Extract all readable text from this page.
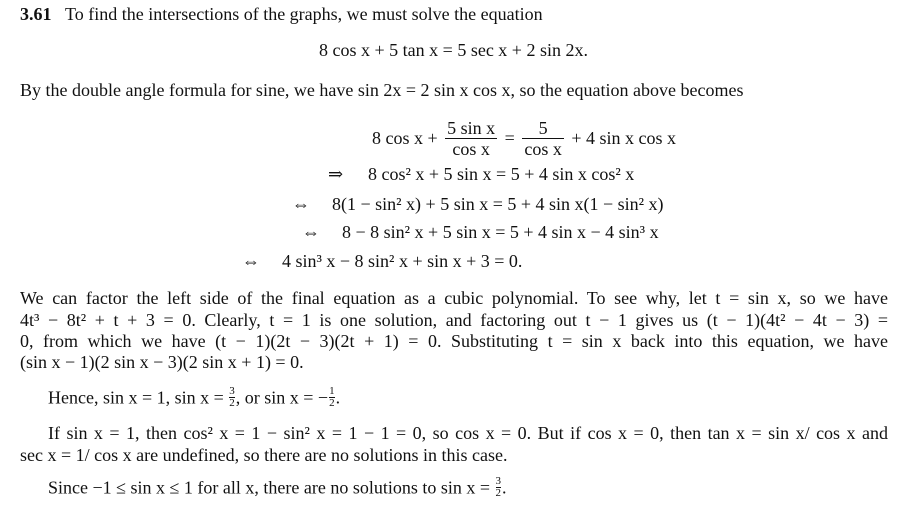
3.61 To find the intersections of the graphs, we must solve the equation
8 cos x + 5 tan x = 5 sec x + 2 sin 2x.
By the double angle formula for sine, we have sin 2x = 2 sin x cos x, so the equation above becomes
8 $\cos x + \frac{\text{5 sin x}}{\text{cos x}} = \frac{5}{\text{cos x}} + 4$ sin x cos x
⇒ 8 cos² x + 5 sin x = 5 + 4 sin x cos² x
⇔ 8(1 − sin² x) + 5 sin x = 5 + 4 sin x(1 − sin² x)
⇔ 8 − 8 sin² x + 5 sin x = 5 + 4 sin x − 4 sin³ x
⇔ 4 sin³ x − 8 sin² x + sin x + 3 = 0.
We can factor the left side of the final equation as a cubic polynomial. To see why, let t = sin x, so we have
4t³ − 8t² + t + 3 = 0. Clearly, t = 1 is one solution, and factoring out t − 1 gives us (t − 1)(4t² − 4t − 3) =
0, from which we have (t − 1)(2t − 3)(2t + 1) = 0. Substituting t = sin x back into this equation, we have
(sin x − 1)(2 sin x − 3)(2 sin x + 1) = 0.
Hence, sin x = 1, $\sin x = \frac{3}{2}$ , or sin x = − $\frac{1}{2}$ .
If sin x = 1, then cos² x = 1 − sin² x = 1 − 1 = 0, so cos x = 0. But if cos x = 0, then tan x = sin x/ cos x and
sec x = 1/ cos x are undefined, so there are no solutions in this case.
Since −1 ≤ sin x ≤ 1 for all x, there are no solutions to $\sin x = \frac{3}{2}$ .
